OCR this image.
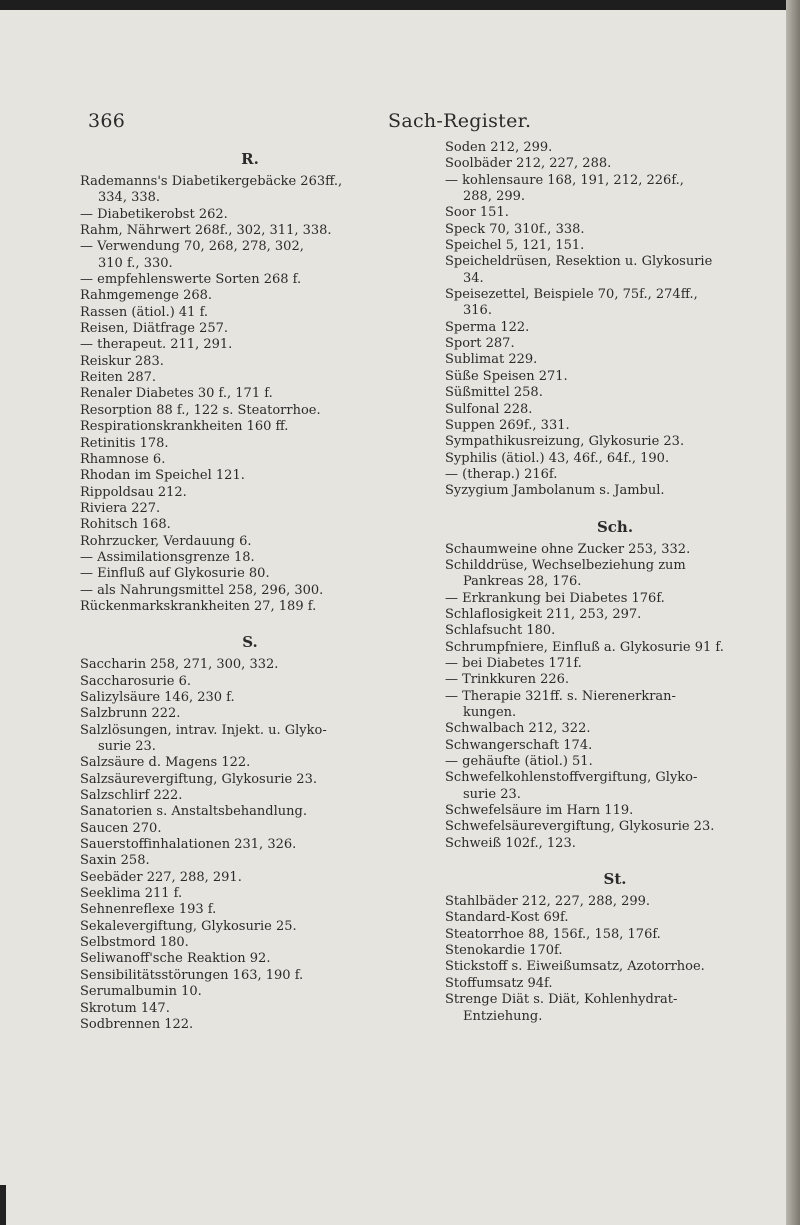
366	Sach-Register.
R.
Rademanns's Diabetikergebäcke 263ff.,
334, 338.
— Diabetikerobst 262.
Rahm, Nährwert 268f., 302, 311, 338.
— Verwendung 70, 268, 278, 302,
310 f., 330.
— empfehlenswerte Sorten 268 f.
Rahmgemenge 268.
Rassen (ätiol.) 41 f.
Reisen, Diätfrage 257.
— therapeut. 211, 291.
Reiskur 283.
Reiten 287.
Renaler Diabetes 30 f., 171 f.
Resorption 88 f., 122 s. Steatorrhoe.
Respirationskrankheiten 160 ff.
Retinitis 178.
Rhamnose 6.
Rhodan im Speichel 121.
Rippoldsau 212.
Riviera 227.
Rohitsch 168.
Rohrzucker, Verdauung 6.
— Assimilationsgrenze 18.
— Einfluß auf Glykosurie 80.
— als Nahrungsmittel 258, 296, 300.
Rückenmarkskrankheiten 27, 189 f.
S.
Saccharin 258, 271, 300, 332.
Saccharosurie 6.
Salizylsäure 146, 230 f.
Salzbrunn 222.
Salzlösungen, intrav. Injekt. u. Glyko-
surie 23.
Salzsäure d. Magens 122.
Salzsäurevergiftung, Glykosurie 23.
Salzschlirf 222.
Sanatorien s. Anstaltsbehandlung.
Saucen 270.
Sauerstoffinhalationen 231, 326.
Saxin 258.
Seebäder 227, 288, 291.
Seeklima 211 f.
Sehnenreflexe 193 f.
Sekalevergiftung, Glykosurie 25.
Selbstmord 180.
Seliwanoff'sche Reaktion 92.
Sensibilitätsstörungen 163, 190 f.
Serumalbumin 10.
Skrotum 147.
Sodbrennen 122.
Soden 212, 299.
Soolbäder 212, 227, 288.
— kohlensaure 168, 191, 212, 226f.,
288, 299.
Soor 151.
Speck 70, 310f., 338.
Speichel 5, 121, 151.
Speicheldrüsen, Resektion u. Glykosurie
34.
Speisezettel, Beispiele 70, 75f., 274ff.,
316.
Sperma 122.
Sport 287.
Sublimat 229.
Süße Speisen 271.
Süßmittel 258.
Sulfonal 228.
Suppen 269f., 331.
Sympathikusreizung, Glykosurie 23.
Syphilis (ätiol.) 43, 46f., 64f., 190.
— (therap.) 216f.
Syzygium Jambolanum s. Jambul.
Sch.
Schaumweine ohne Zucker 253, 332.
Schilddrüse, Wechselbeziehung zum
Pankreas 28, 176.
— Erkrankung bei Diabetes 176f.
Schlaflosigkeit 211, 253, 297.
Schlafsucht 180.
Schrumpfniere, Einfluß a. Glykosurie 91 f.
— bei Diabetes 171f.
— Trinkkuren 226.
— Therapie 321ff. s. Nierenerkran-
kungen.
Schwalbach 212, 322.
Schwangerschaft 174.
— gehäufte (ätiol.) 51.
Schwefelkohlenstoffvergiftung, Glyko-
surie 23.
Schwefelsäure im Harn 119.
Schwefelsäurevergiftung, Glykosurie 23.
Schweiß 102f., 123.
St.
Stahlbäder 212, 227, 288, 299.
Standard-Kost 69f.
Steatorrhoe 88, 156f., 158, 176f.
Stenokardie 170f.
Stickstoff s. Eiweißumsatz, Azotorrhoe.
Stoffumsatz 94f.
Strenge Diät s. Diät, Kohlenhydrat-
Entziehung.
